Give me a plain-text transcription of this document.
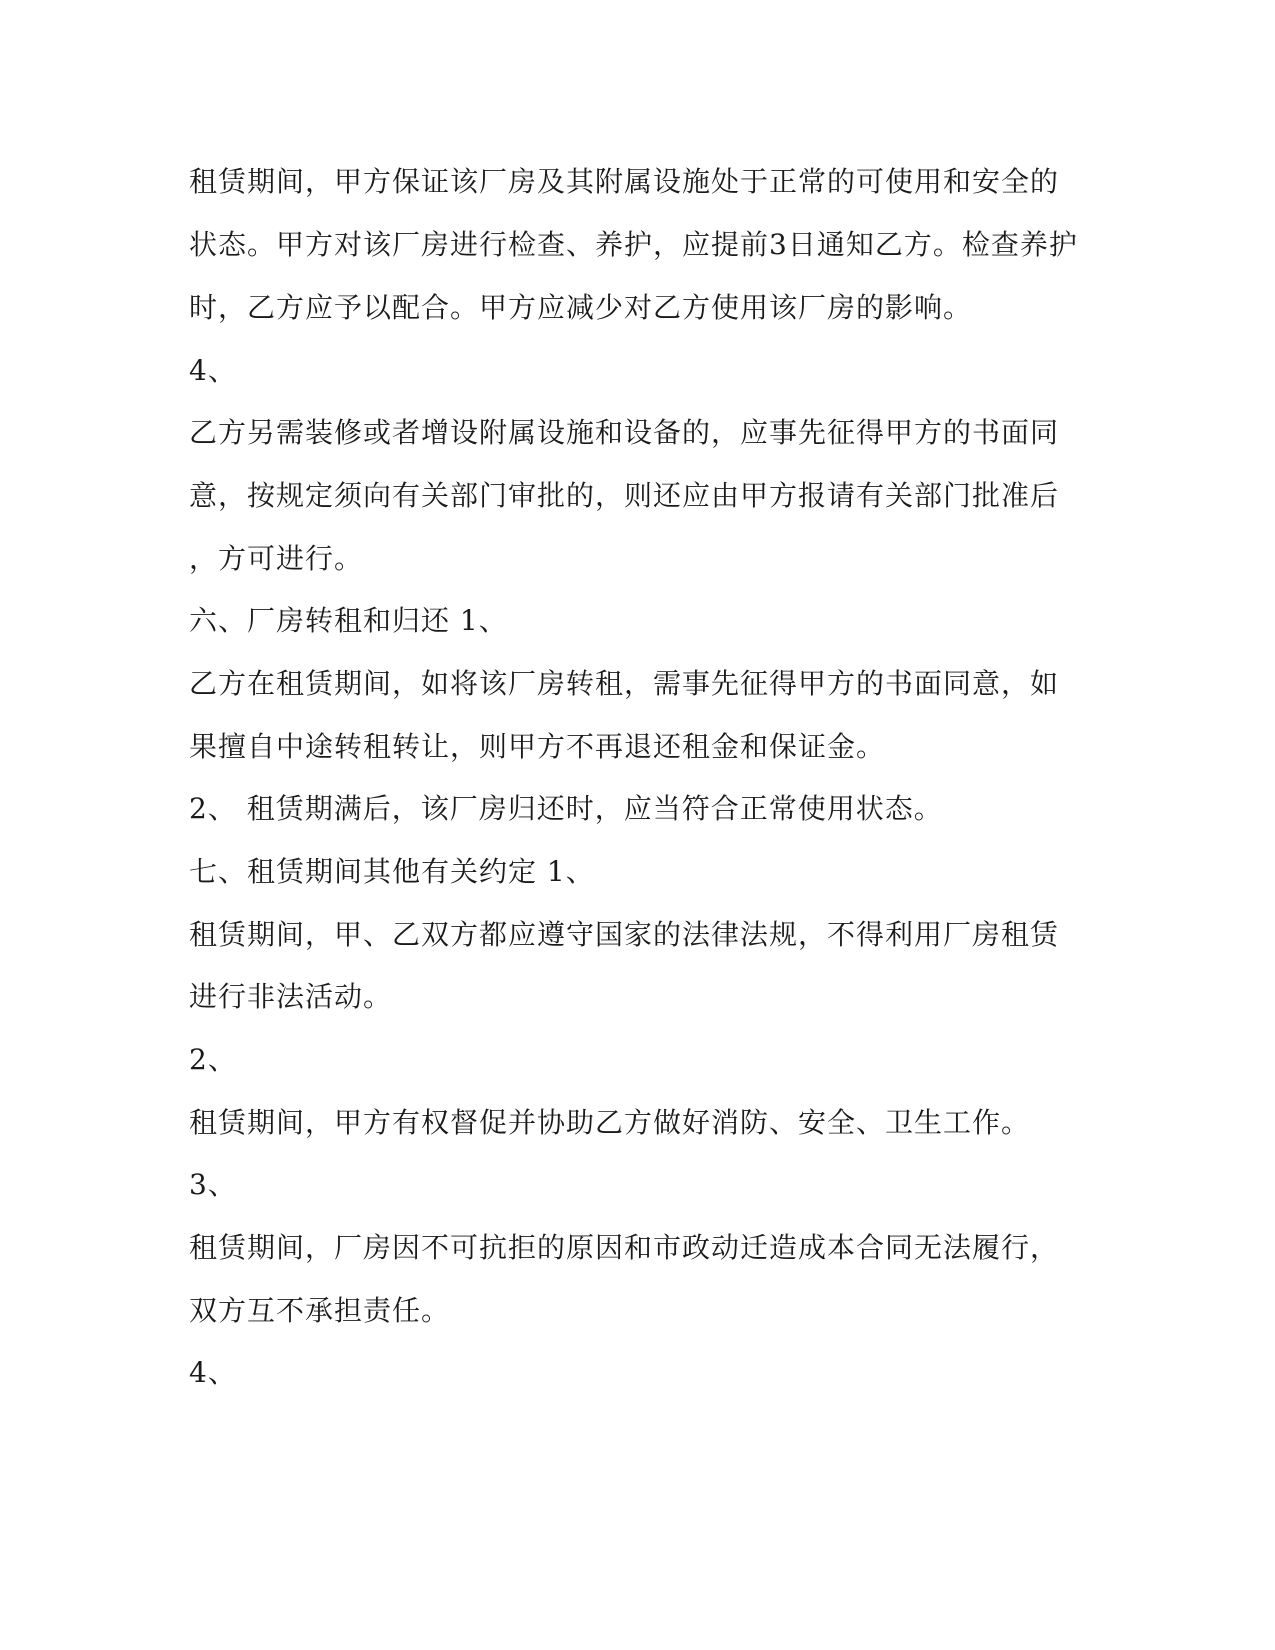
租赁期间，甲方保证该厂房及其附属设施处于正常的可使用和安全的
状态。甲方对该厂房进行检查、养护，应提前3日通知乙方。检查养护
时，乙方应予以配合。甲方应减少对乙方使用该厂房的影响。
4、
乙方另需装修或者增设附属设施和设备的，应事先征得甲方的书面同
意，按规定须向有关部门审批的，则还应由甲方报请有关部门批准后
，方可进行。
六、厂房转租和归还 1、
乙方在租赁期间，如将该厂房转租，需事先征得甲方的书面同意，如
果擅自中途转租转让，则甲方不再退还租金和保证金。
2、 租赁期满后，该厂房归还时，应当符合正常使用状态。
七、租赁期间其他有关约定 1、
租赁期间，甲、乙双方都应遵守国家的法律法规，不得利用厂房租赁
进行非法活动。
2、
租赁期间，甲方有权督促并协助乙方做好消防、安全、卫生工作。
3、
租赁期间，厂房因不可抗拒的原因和市政动迁造成本合同无法履行，
双方互不承担责任。
4、
